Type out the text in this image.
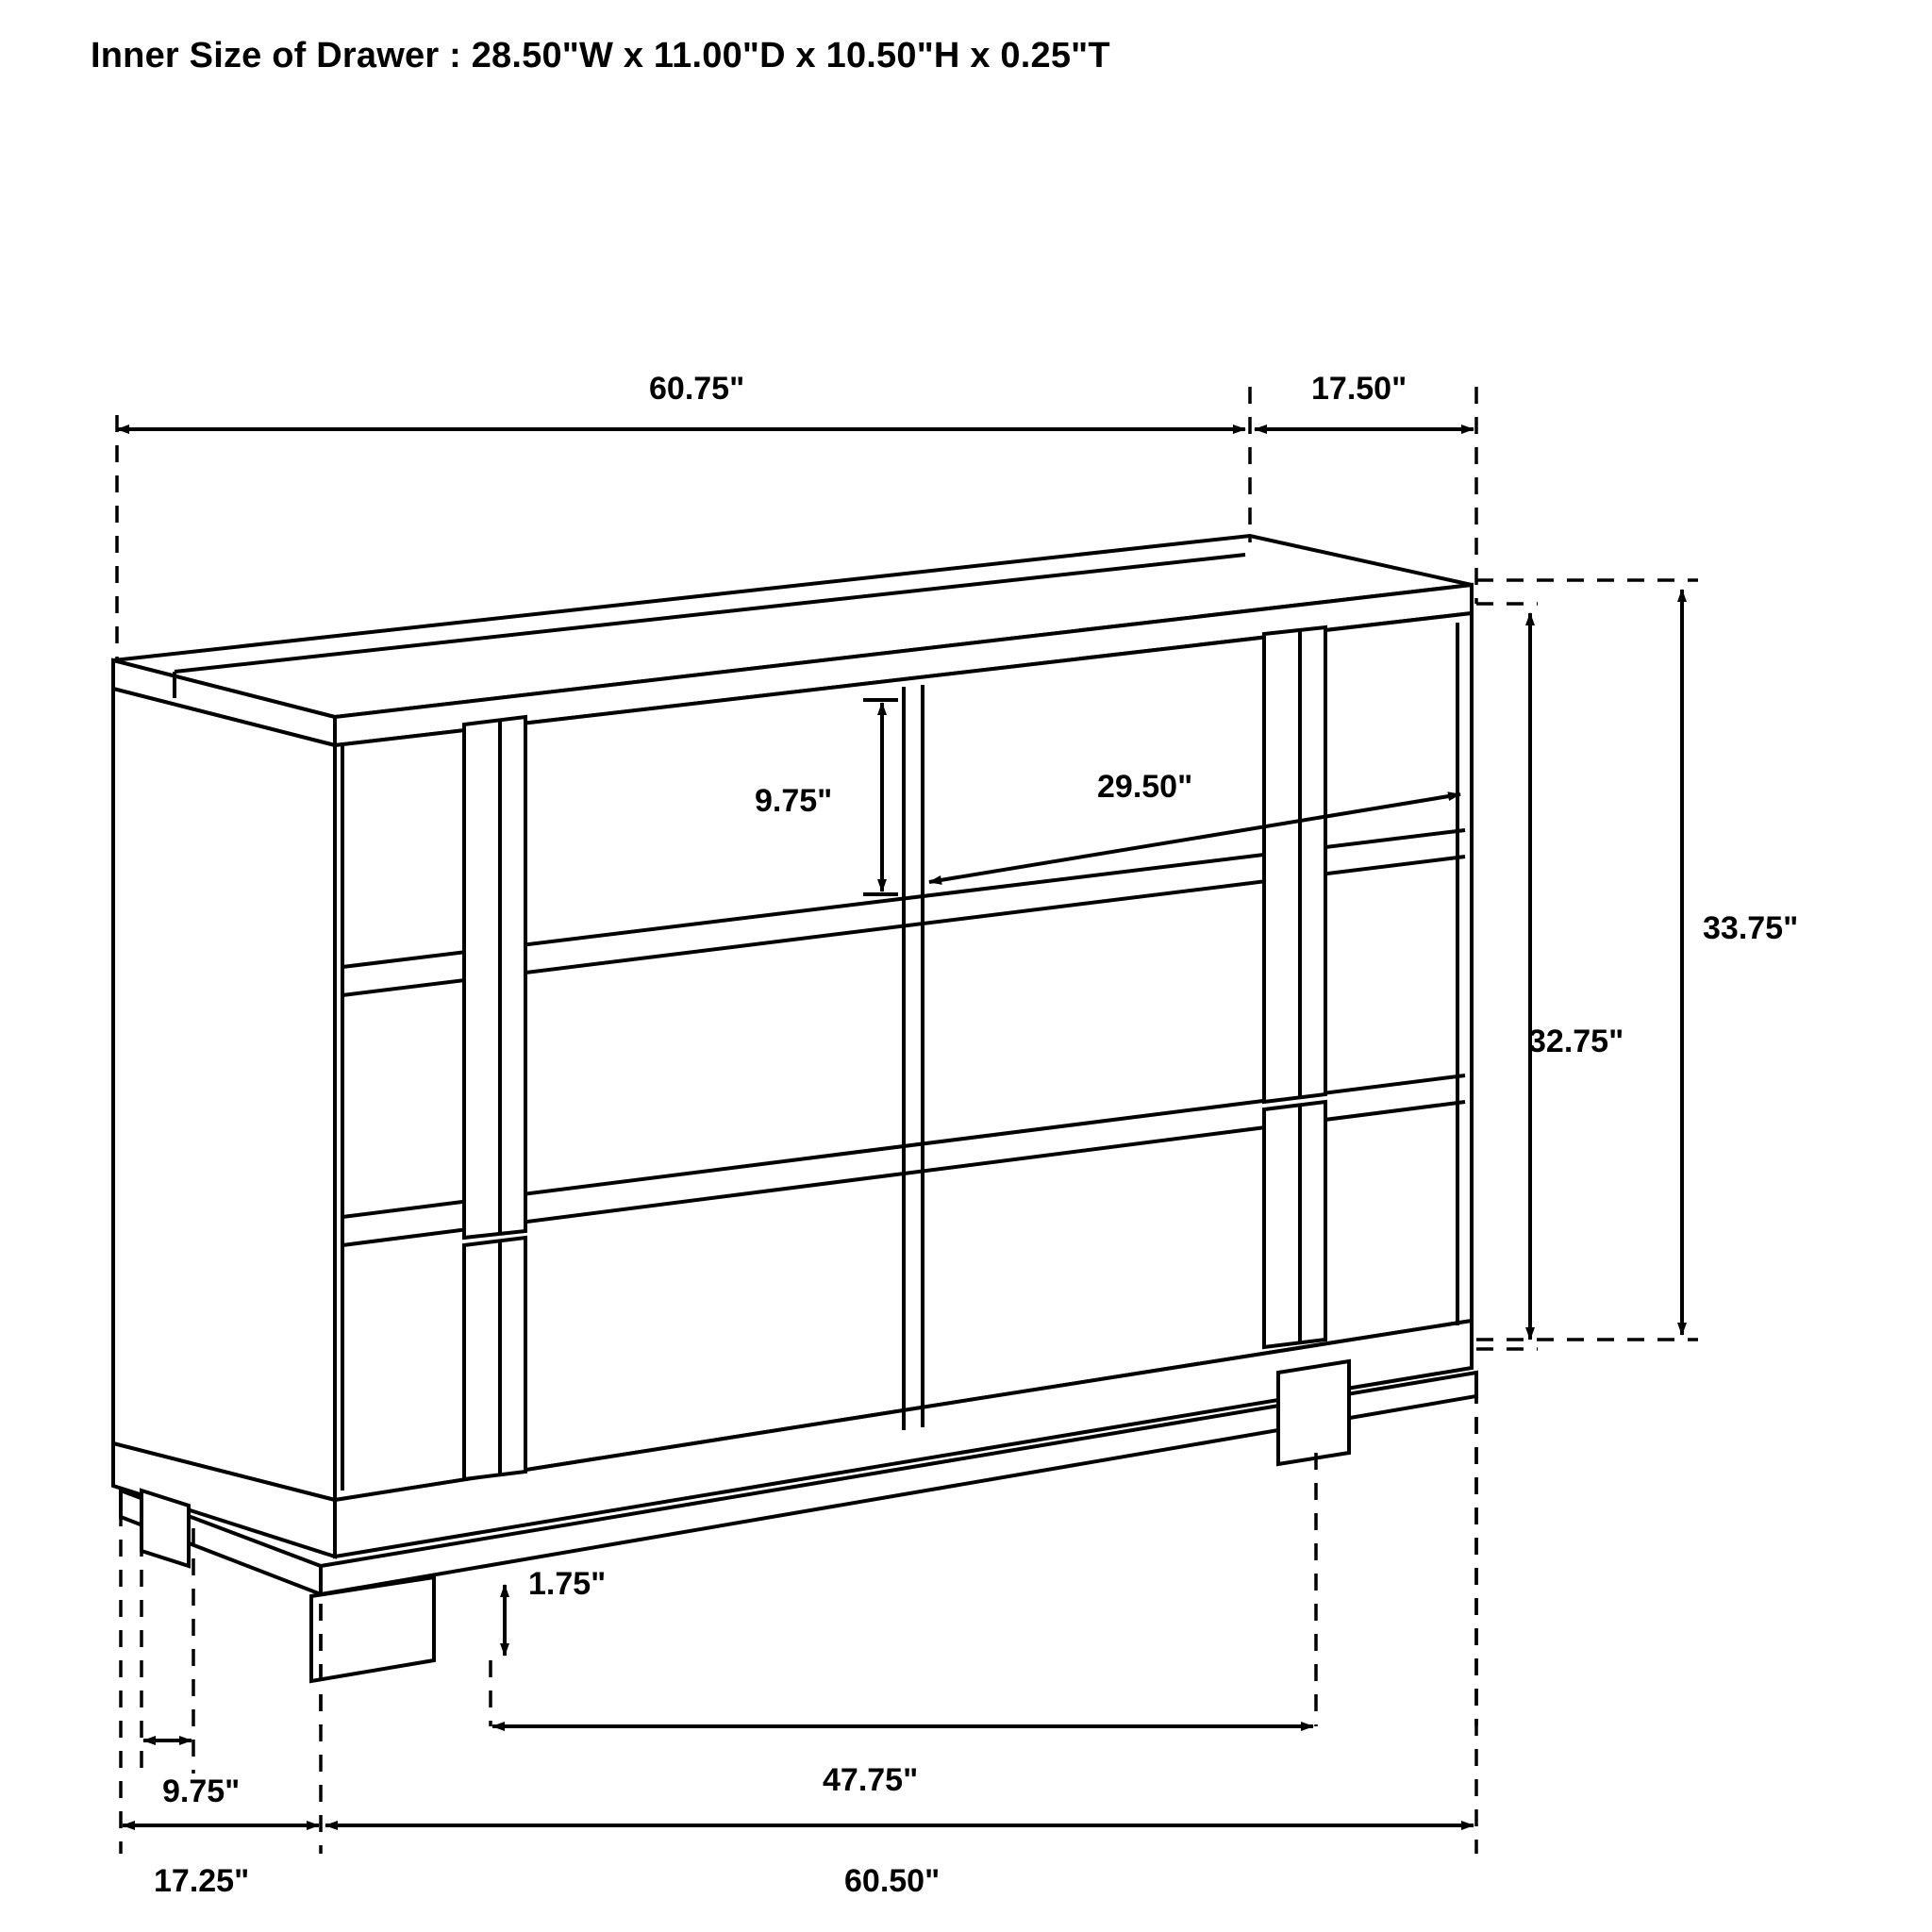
Inner Size of Drawer : 28.50"W x 11.00"D x 10.50"H x 0.25"T
60.75"	17.50"
9.75"	29.50"
33.75"
32.75"
1.75"
9.75"	47.75"
17.25"	60.50"
